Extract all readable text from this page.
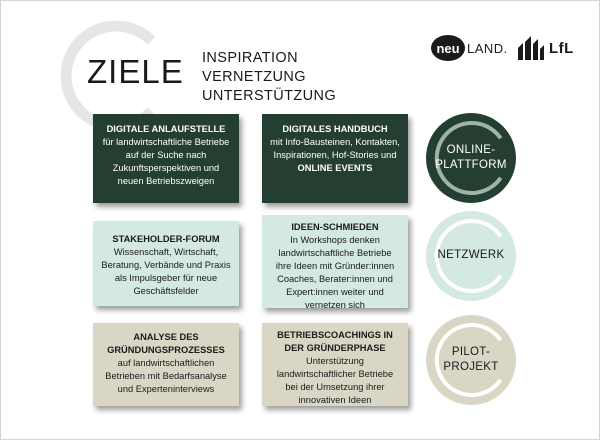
ZIELE INSPIRATION
VERNETZUNG
UNTERSTÜTZUNG
neu LAND.	LfL
DIGITALE ANLAUFSTELLE für landwirtschaftliche Betriebe auf der Suche nach Zukunftsperspektiven und neuen Betriebszweigen
DIGITALES HANDBUCH
mit Info-Bausteinen, Kontakten, Inspirationen, Hof-Stories und
ONLINE EVENTS
STAKEHOLDER-FORUM
Wissenschaft, Wirtschaft, Beratung, Verbände und Praxis als Impulsgeber für neue Geschäftsfelder
IDEEN-SCHMIEDEN
In Workshops denken landwirtschaftliche Betriebe ihre Ideen mit Gründer:innen Coaches, Berater:innen und Expert:innen weiter und vernetzen sich
ANALYSE DES GRÜNDUNGSPROZESSES
auf landwirtschaftlichen Betrieben mit Bedarfsanalyse und Experteninterviews
BETRIEBSCOACHINGS IN DER GRÜNDERPHASE
Unterstützung landwirtschaftlicher Betriebe bei der Umsetzung ihrer innovativen Ideen
ONLINE-
PLATTFORM
NETZWERK
PILOT-
PROJEKT
